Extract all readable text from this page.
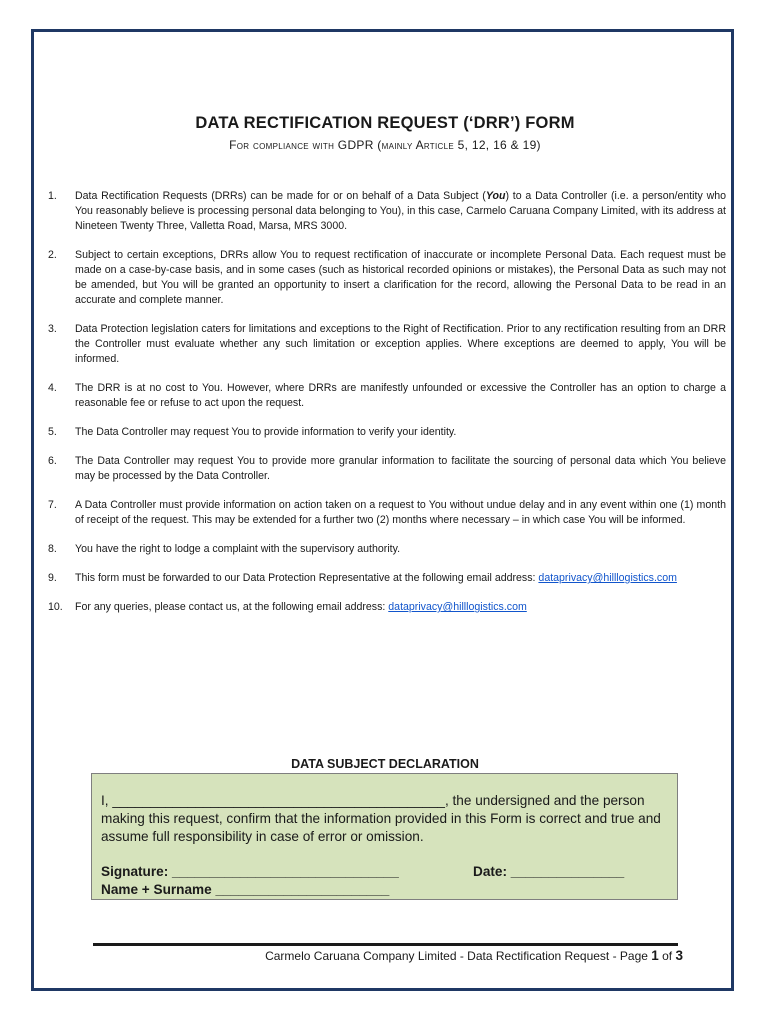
DATA RECTIFICATION REQUEST (‘DRR’) FORM
For compliance with GDPR (mainly Article 5, 12, 16 & 19)

1.	Data Rectification Requests (DRRs) can be made for or on behalf of a Data Subject (You) to a Data Controller (i.e. a person/entity who You reasonably believe is processing personal data belonging to You), in this case, Carmelo Caruana Company Limited, with its address at Nineteen Twenty Three, Valletta Road, Marsa, MRS 3000.

2.	Subject to certain exceptions, DRRs allow You to request rectification of inaccurate or incomplete Personal Data. Each request must be made on a case-by-case basis, and in some cases (such as historical recorded opinions or mistakes), the Personal Data as such may not be amended, but You will be granted an opportunity to insert a clarification for the record, allowing the Personal Data to be read in an accurate and complete manner.

3.	Data Protection legislation caters for limitations and exceptions to the Right of Rectification. Prior to any rectification resulting from an DRR the Controller must evaluate whether any such limitation or exception applies. Where exceptions are deemed to apply, You will be informed.

4.	The DRR is at no cost to You. However, where DRRs are manifestly unfounded or excessive the Controller has an option to charge a reasonable fee or refuse to act upon the request.

5.	The Data Controller may request You to provide information to verify your identity.

6.	The Data Controller may request You to provide more granular information to facilitate the sourcing of personal data which You believe may be processed by the Data Controller.

7.	A Data Controller must provide information on action taken on a request to You without undue delay and in any event within one (1) month of receipt of the request. This may be extended for a further two (2) months where necessary – in which case You will be informed.

8.	You have the right to lodge a complaint with the supervisory authority.

9.	This form must be forwarded to our Data Protection Representative at the following email address: dataprivacy@hilllogistics.com

10.	For any queries, please contact us, at the following email address: dataprivacy@hilllogistics.com

DATA SUBJECT DECLARATION

I, ____________________________________________, the undersigned and the person making this request, confirm that the information provided in this Form is correct and true and assume full responsibility in case of error or omission.

Signature: ______________________________	Date: _______________
Name + Surname _______________________
Carmelo Caruana Company Limited - Data Rectification Request - Page 1 of 3
